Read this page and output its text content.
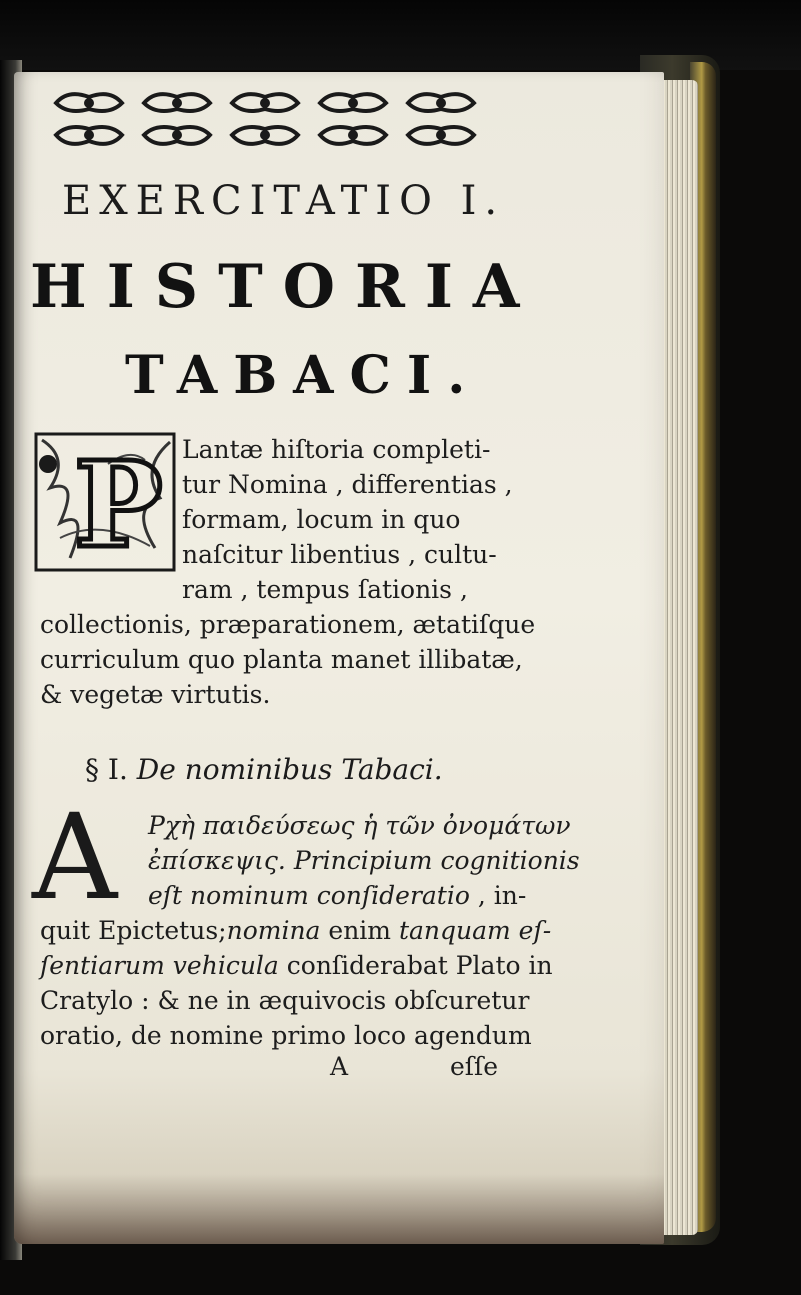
EXERCITATIO I.
HISTORIA
TABACI.
P Lantæ hiſtoria completi-
tur Nomina , differentias ,
formam, locum in quo
naſcitur libentius , cultu-
ram , tempus ſationis ,
collectionis, præparationem, ætatiſque
curriculum quo planta manet illibatæ,
& vegetæ virtutis.
§ I. De nominibus Tabaci.
A Ρχὴ παιδεύσεως ἡ τῶν ὀνομάτων
ἐπίσκεψις. Principium cognitionis
eſt nominum conſideratio , in-
quit Epictetus;nomina enim tanquam eſ-
ſentiarum vehicula conſiderabat Plato in
Cratylo : & ne in æquivocis obſcuretur
oratio, de nomine primo loco agendum
A	eſſe
